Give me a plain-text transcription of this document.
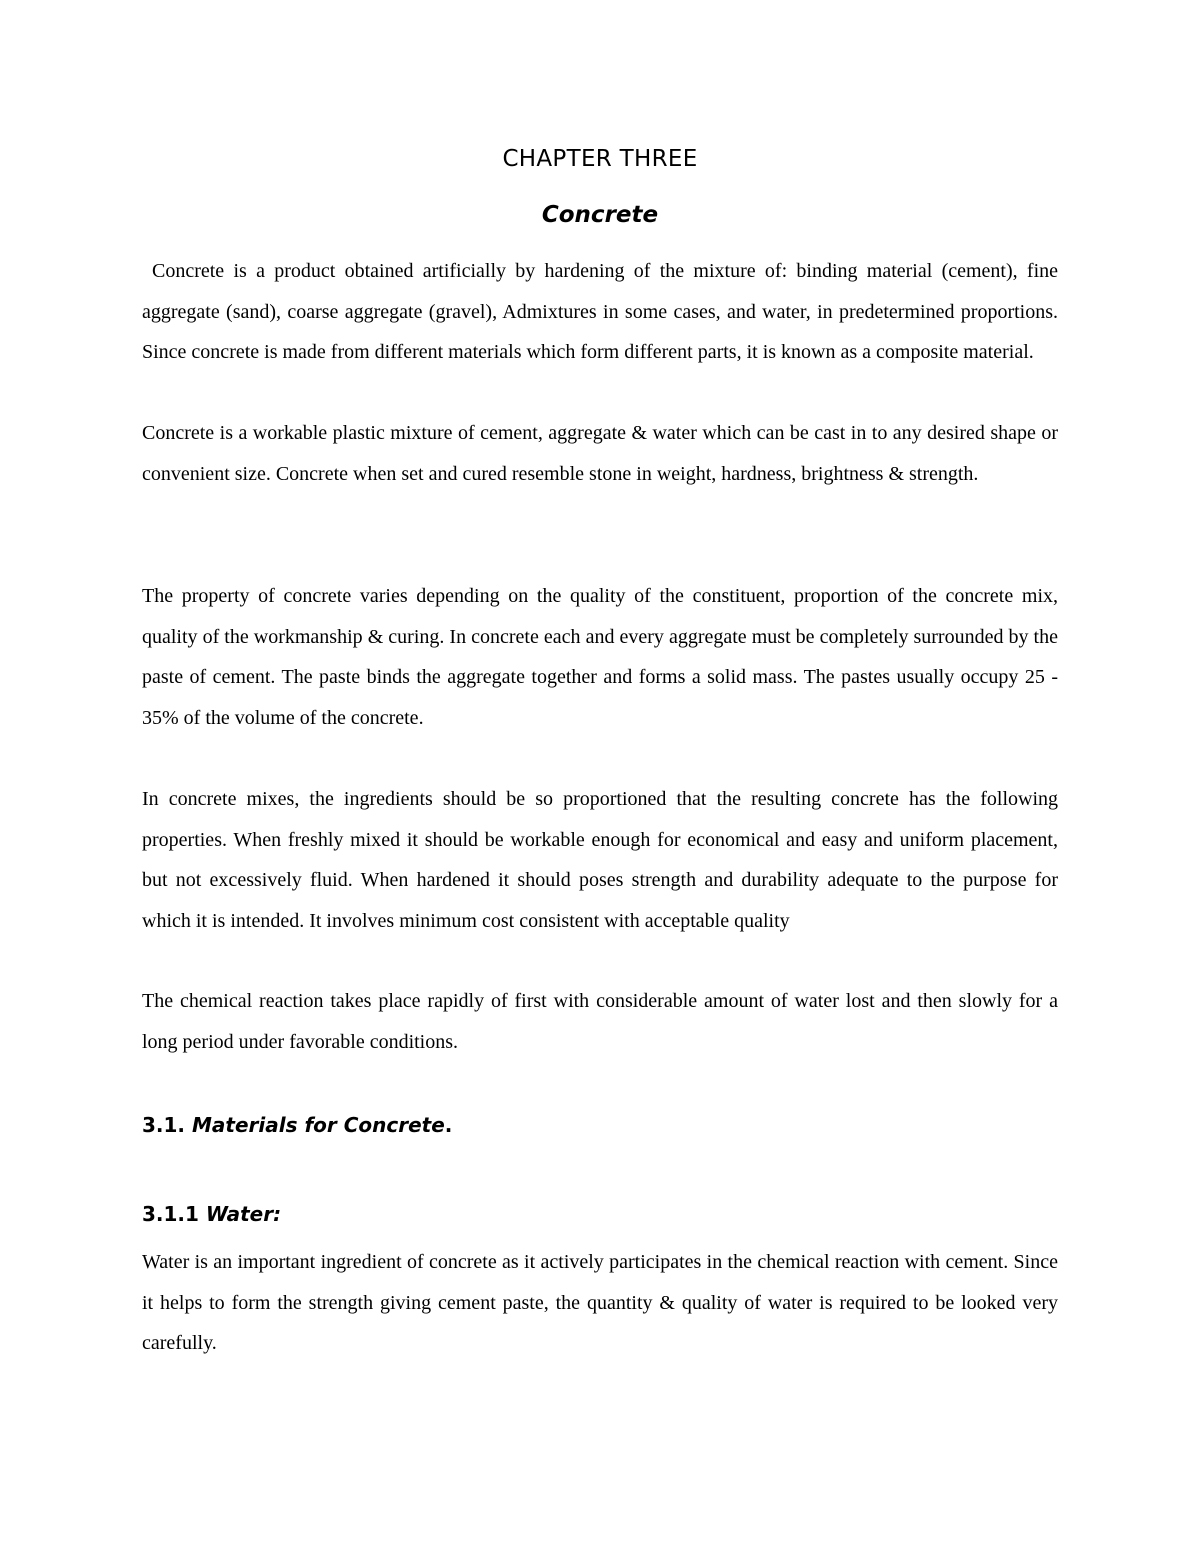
CHAPTER THREE
Concrete

Concrete is a product obtained artificially by hardening of the mixture of: binding material (cement), fine aggregate (sand), coarse aggregate (gravel), Admixtures in some cases, and water, in predetermined proportions. Since concrete is made from different materials which form different parts, it is known as a composite material.

Concrete is a workable plastic mixture of cement, aggregate & water which can be cast in to any desired shape or convenient size. Concrete when set and cured resemble stone in weight, hardness, brightness & strength.

The property of concrete varies depending on the quality of the constituent, proportion of the concrete mix, quality of the workmanship & curing. In concrete each and every aggregate must be completely surrounded by the paste of cement. The paste binds the aggregate together and forms a solid mass. The pastes usually occupy 25 - 35% of the volume of the concrete.

In concrete mixes, the ingredients should be so proportioned that the resulting concrete has the following properties. When freshly mixed it should be workable enough for economical and easy and uniform placement, but not excessively fluid. When hardened it should poses strength and durability adequate to the purpose for which it is intended. It involves minimum cost consistent with acceptable quality

The chemical reaction takes place rapidly of first with considerable amount of water lost and then slowly for a long period under favorable conditions.

3.1. Materials for Concrete.
3.1.1 Water:

Water is an important ingredient of concrete as it actively participates in the chemical reaction with cement. Since it helps to form the strength giving cement paste, the quantity & quality of water is required to be looked very carefully.
